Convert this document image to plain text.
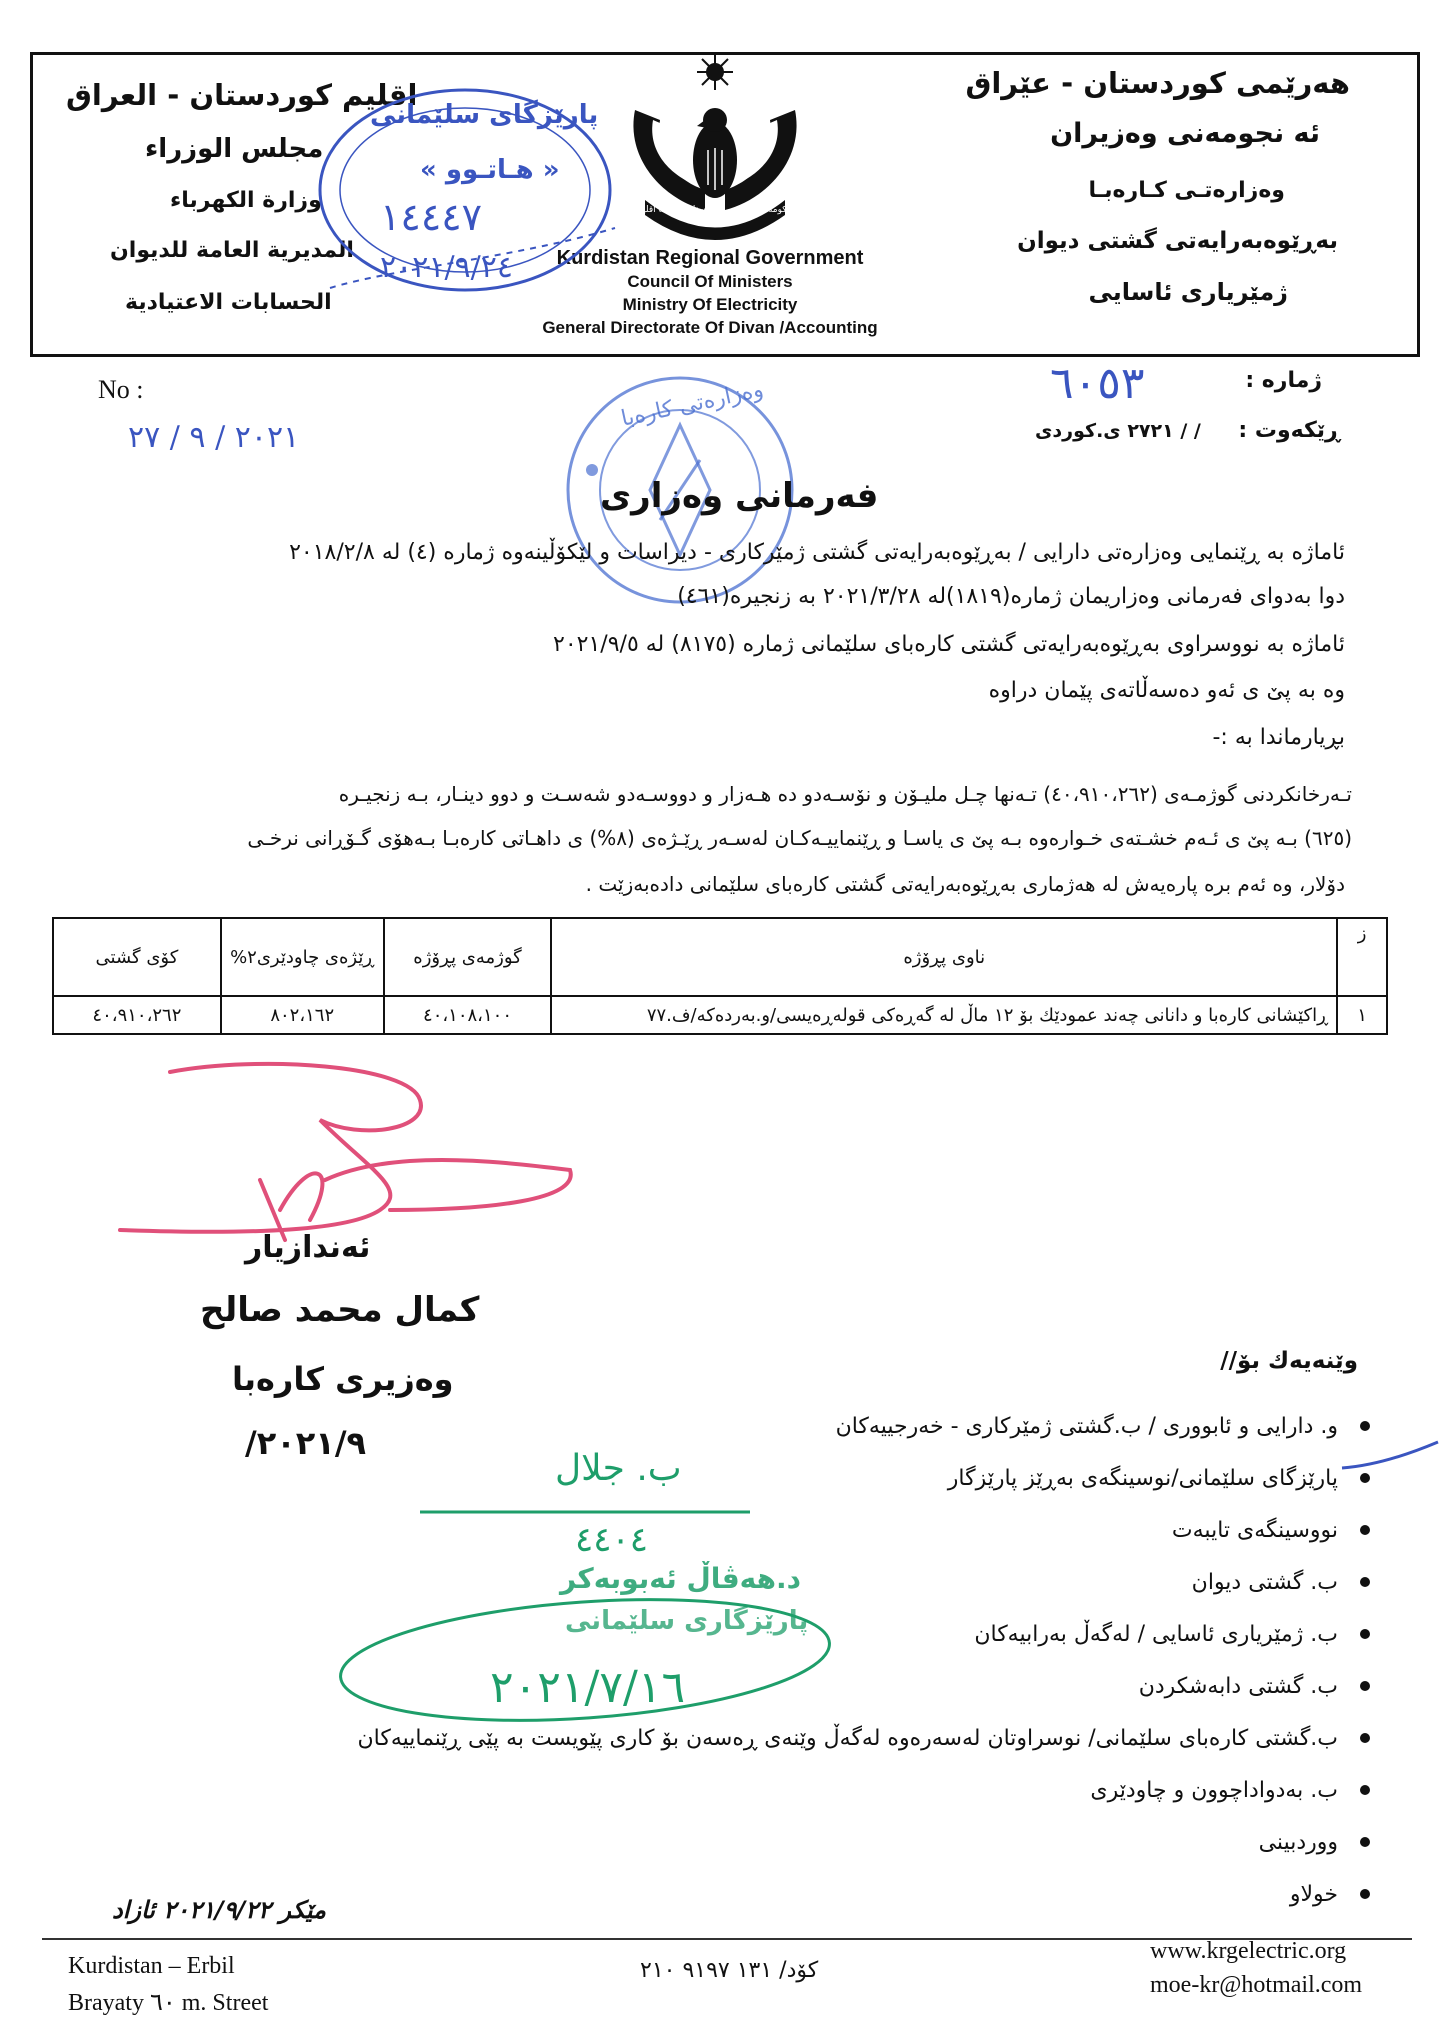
هەرێمی کوردستان - عێراق
ئە نجومەنی وەزیران
وەزارەتـی کـارەبـا
بەڕێوەبەرایەتی گشتی دیوان
ژمێریاری ئاسایی
اقليم كوردستان - العراق
مجلس الوزراء
وزارة الكهرباء
المديرية العامة للديوان
الحسابات الاعتيادية
حکومەتی هەرێمی کوردستان حکومة اقليم كوردستان
Kurdistan Regional Government
Council Of Ministers
Ministry Of Electricity
General Directorate Of Divan /Accounting
پارێزگای سلێمانی
« هـاتـوو »
١٤٤٤٧
٢٠٢١/٩/٢٤
No :
٢٠٢١ / ٩ / ٢٧
ژمارە :
٦٠٥٣
ڕێکەوت :
/ / ٢٧٢١ ی.کوردی
وەزارەتی کارەبا
فەرمانی وەزاری
ئاماژە بە ڕێنمایی وەزارەتی دارایی / بەڕێوەبەرایەتی گشتی ژمێرکاری - دیراسات و لێکۆڵینەوە ژمارە (٤) لە ٢٠١٨/٢/٨
دوا بەدوای فەرمانی وەزاریمان ژمارە(١٨١٩)لە ٢٠٢١/٣/٢٨ بە زنجیرە(٤٦١)
ئاماژە بە نووسراوی بەڕێوەبەرایەتی گشتی کارەبای سلێمانی ژمارە (٨١٧٥) لە ٢٠٢١/٩/٥
وە بە پێ ی ئەو دەسەڵاتەی پێمان دراوە
بڕیارماندا بە :-
تـەرخانکردنی گوژمـەی (٤٠،٩١٠،٢٦٢) تـەنها چـل ملیـۆن و نۆسـەدو دە هـەزار و دووسـەدو شەسـت و دوو دینـار، بـە زنجیـرە
(٦٢٥) بـە پێ ی ئـەم خشـتەی خـوارەوە بـە پێ ی یاسـا و ڕێنماییـەکـان لەسـەر ڕێـژەی (٨%) ی داهـاتی کارەبـا بـەهۆی گـۆڕانی نرخـی
دۆلار، وە ئەم برە پارەیەش لە هەژماری بەڕێوەبەرایەتی گشتی کارەبای سلێمانی دادەبەزێت .
ز	ناوی پڕۆژە	گوژمەی پڕۆژە	ڕێژەی چاودێری٢%	کۆی گشتی
١	ڕاکێشانی کارەبا و دانانی چەند عمودێك بۆ ١٢ ماڵ لە گەڕەکی قولەڕەیسی/و.بەردەکە/ف.٧٧	٤٠،١٠٨،١٠٠	٨٠٢،١٦٢	٤٠،٩١٠،٢٦٢
ئەندازیار
کمال محمد صالح
وەزیری کارەبا
٢٠٢١/٩/
وێنەیەك بۆ//
و. دارایی و ئابووری / ب.گشتی ژمێرکاری - خەرجییەکان
پارێزگای سلێمانی/نوسینگەی بەڕێز پارێزگار
نووسینگەی تایبەت
ب. گشتی دیوان
ب. ژمێریاری ئاسایی / لەگەڵ بەرابیەکان
ب. گشتی دابەشکردن
ب.گشتی کارەبای سلێمانی/ نوسراوتان لەسەرەوە لەگەڵ وێنەی ڕەسەن بۆ کاری پێویست بە پێی ڕێنماییەکان
ب. بەدواداچوون و چاودێری
ووردبینی
خولاو
ب. جلال
٤٤٠٤
د.هەڤاڵ ئەبوبەکر
پارێزگاری سلێمانی
٢٠٢١/٧/١٦
مێکر ٢٠٢١/٩/٢٢ ئازاد
Kurdistan – Erbil
Brayaty ٦٠ m. Street
کۆد/ ١٣١ ٩١٩٧ ٢١٠
www.krgelectric.org
moe-kr@hotmail.com
